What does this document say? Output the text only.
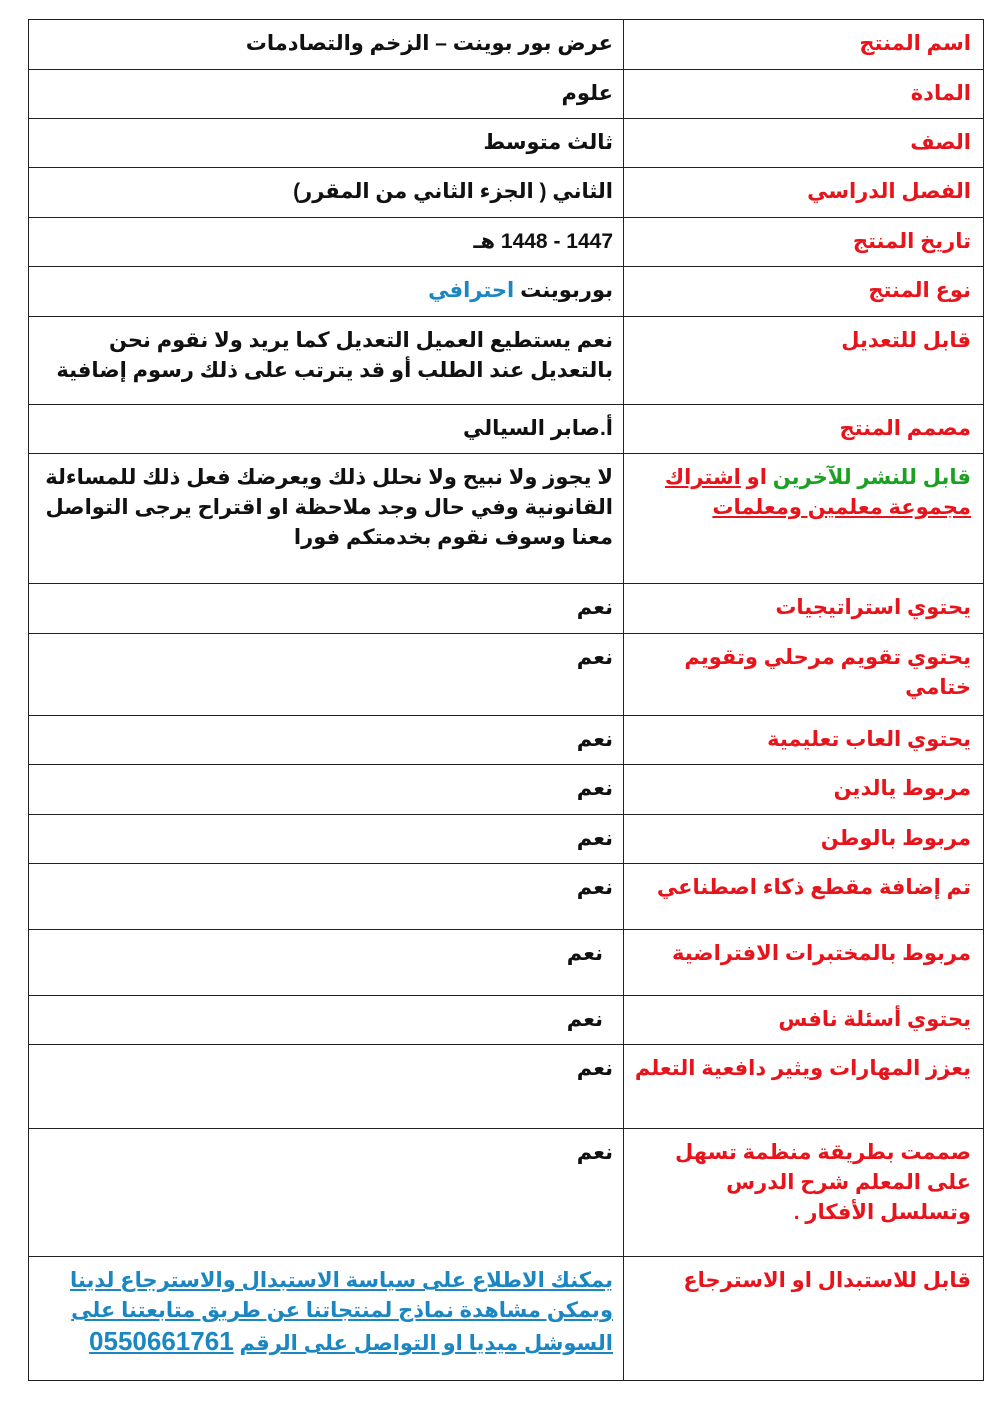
اسم المنتج	عرض بور بوينت – الزخم والتصادمات
المادة	علوم
الصف	ثالث متوسط
الفصل الدراسي	الثاني ( الجزء الثاني من المقرر)
تاريخ المنتج	1447 - 1448 هـ
نوع المنتج	بوربوينت احترافي
قابل للتعديل	نعم يستطيع العميل التعديل كما يريد ولا نقوم نحن بالتعديل عند الطلب أو قد يترتب على ذلك رسوم إضافية
مصمم المنتج	أ.صابر السيالي
قابل للنشر للآخرين او اشتراك مجموعة معلمين ومعلمات	لا يجوز ولا نبيح ولا نحلل ذلك ويعرضك فعل ذلك للمساءلة القانونية وفي حال وجد ملاحظة او اقتراح يرجى التواصل معنا وسوف نقوم بخدمتكم فورا
يحتوي استراتيجيات	نعم
يحتوي تقويم مرحلي وتقويم ختامي	نعم
يحتوي العاب تعليمية	نعم
مربوط يالدين	نعم
مربوط بالوطن	نعم
تم إضافة مقطع ذكاء اصطناعي	نعم
مربوط بالمختبرات الافتراضية	نعم
يحتوي أسئلة نافس	نعم
يعزز المهارات ويثير دافعية التعلم	نعم
صممت بطريقة منظمة تسهل على المعلم شرح الدرس وتسلسل الأفكار .	نعم
قابل للاستبدال او الاسترجاع	يمكنك الاطلاع على سياسة الاستبدال والاسترجاع لدينا ويمكن مشاهدة نماذج لمنتجاتنا عن طريق متابعتنا على السوشل ميديا او التواصل على الرقم 0550661761
